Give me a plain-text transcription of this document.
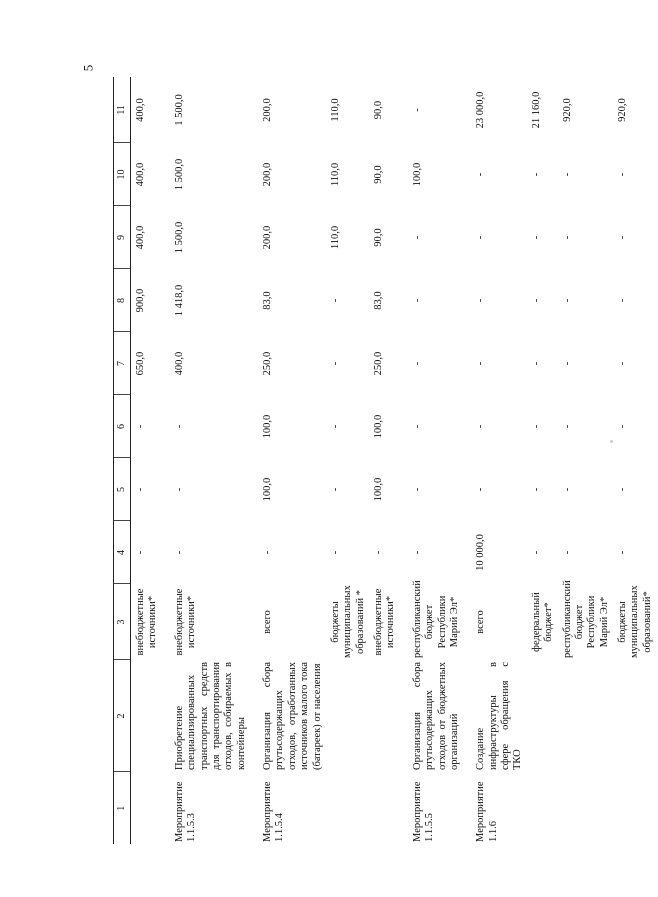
5
1	2	3	4	5	6	7	8	9	10	11
		внебюджетные источники*	-	-	-	650,0	900,0	400,0	400,0	400,0
Мероприятие 1.1.5.3	Приобретение специализированных транспортных средств для транспортирования отходов, собираемых в контейнеры	внебюджетные источники*	-	-	-	400,0	1 418,0	1 500,0	1 500,0	1 500,0
Мероприятие 1.1.5.4	Организация сбора ртутьсодержащих отходов, отработанных источников малого тока (батареек) от населения	всего	-	100,0	100,0	250,0	83,0	200,0	200,0	200,0
		бюджеты муниципальных образований *	-	-	-	-	-	110,0	110,0	110,0
		внебюджетные источники*	-	100,0	100,0	250,0	83,0	90,0	90,0	90,0
Мероприятие 1.1.5.5	Организация сбора ртутьсодержащих отходов от бюджетных организаций	республиканский бюджет Республики Марий Эл*	-	-	-	-	-	-	100,0	-
Мероприятие 1.1.6	Создание инфраструктуры в сфере обращения с ТКО	всего	10 000,0	-	-	-	-	-	-	23 000,0
		федеральный бюджет*	-	-	-	-	-	-	-	21 160,0
		республиканский бюджет Республики Марий Эл*	-	-	-	-	-	-	-	920,0
		бюджеты муниципальных образований*	-	-	-	-	-	-	-	920,0
